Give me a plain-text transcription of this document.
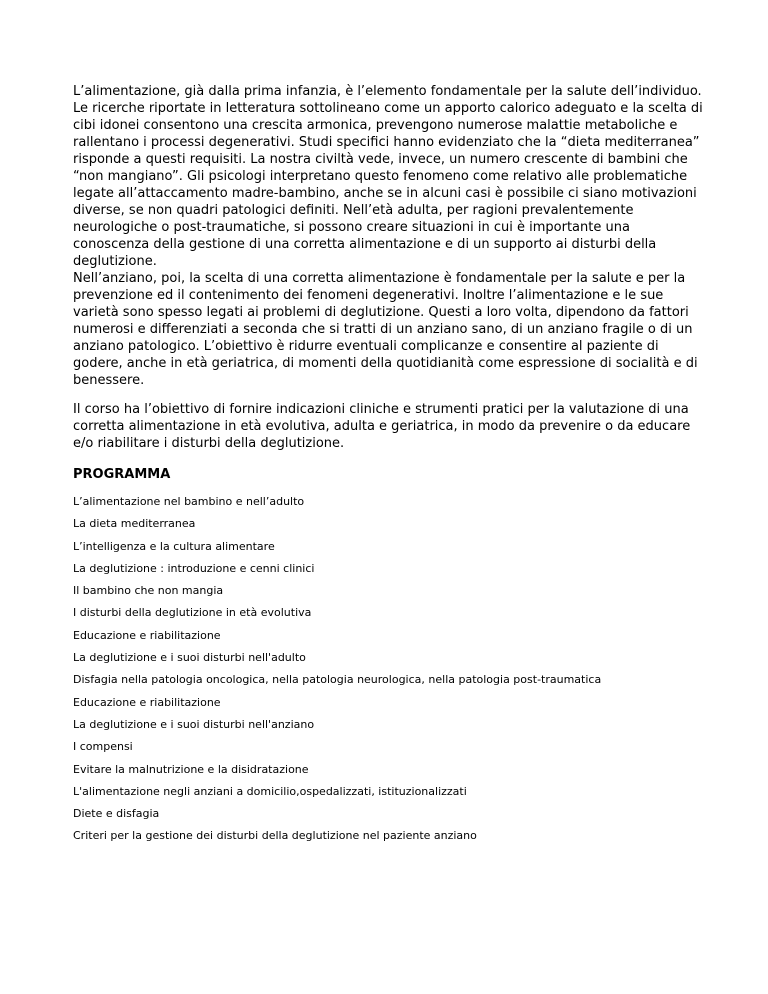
L’alimentazione, già dalla prima infanzia, è l’elemento fondamentale per la salute dell’individuo. Le ricerche riportate in letteratura sottolineano come un apporto calorico adeguato e la scelta di cibi idonei consentono una crescita armonica, prevengono numerose malattie metaboliche e rallentano i processi degenerativi. Studi specifici hanno evidenziato che la “dieta mediterranea” risponde a questi requisiti. La nostra civiltà vede, invece, un numero crescente di bambini che “non mangiano”. Gli psicologi interpretano questo fenomeno come relativo alle problematiche legate all’attaccamento madre-bambino, anche se in alcuni casi è possibile ci siano motivazioni diverse, se non quadri patologici definiti. Nell’età adulta, per ragioni prevalentemente neurologiche o post-traumatiche, si possono creare situazioni in cui è importante una conoscenza della gestione di una corretta alimentazione e di un supporto ai disturbi della deglutizione.

Nell’anziano, poi, la scelta di una corretta alimentazione è fondamentale per la salute e per la prevenzione ed il contenimento dei fenomeni degenerativi. Inoltre l’alimentazione e le sue varietà sono spesso legati ai problemi di deglutizione. Questi a loro volta, dipendono da fattori numerosi e differenziati a seconda che si tratti di un anziano sano, di un anziano fragile o di un anziano patologico. L’obiettivo è ridurre eventuali complicanze e consentire al paziente di godere, anche in età geriatrica, di momenti della quotidianità come espressione di socialità e di benessere.

Il corso ha l’obiettivo di fornire indicazioni cliniche e strumenti pratici per la valutazione di una corretta alimentazione in età evolutiva, adulta e geriatrica, in modo da prevenire o da educare e/o riabilitare i disturbi della deglutizione.

PROGRAMMA

L’alimentazione nel bambino e nell’adulto
La dieta mediterranea
L’intelligenza e la cultura alimentare
La deglutizione : introduzione e cenni clinici
Il bambino che non mangia
I disturbi della deglutizione in età evolutiva
Educazione e riabilitazione
La deglutizione e i suoi disturbi nell'adulto
Disfagia nella patologia oncologica, nella patologia neurologica, nella patologia post-traumatica
Educazione e riabilitazione
La deglutizione e i suoi disturbi nell'anziano
I compensi
Evitare la malnutrizione e la disidratazione
L'alimentazione negli anziani a domicilio,ospedalizzati, istituzionalizzati
Diete e disfagia
Criteri per la gestione dei disturbi della deglutizione nel paziente anziano
